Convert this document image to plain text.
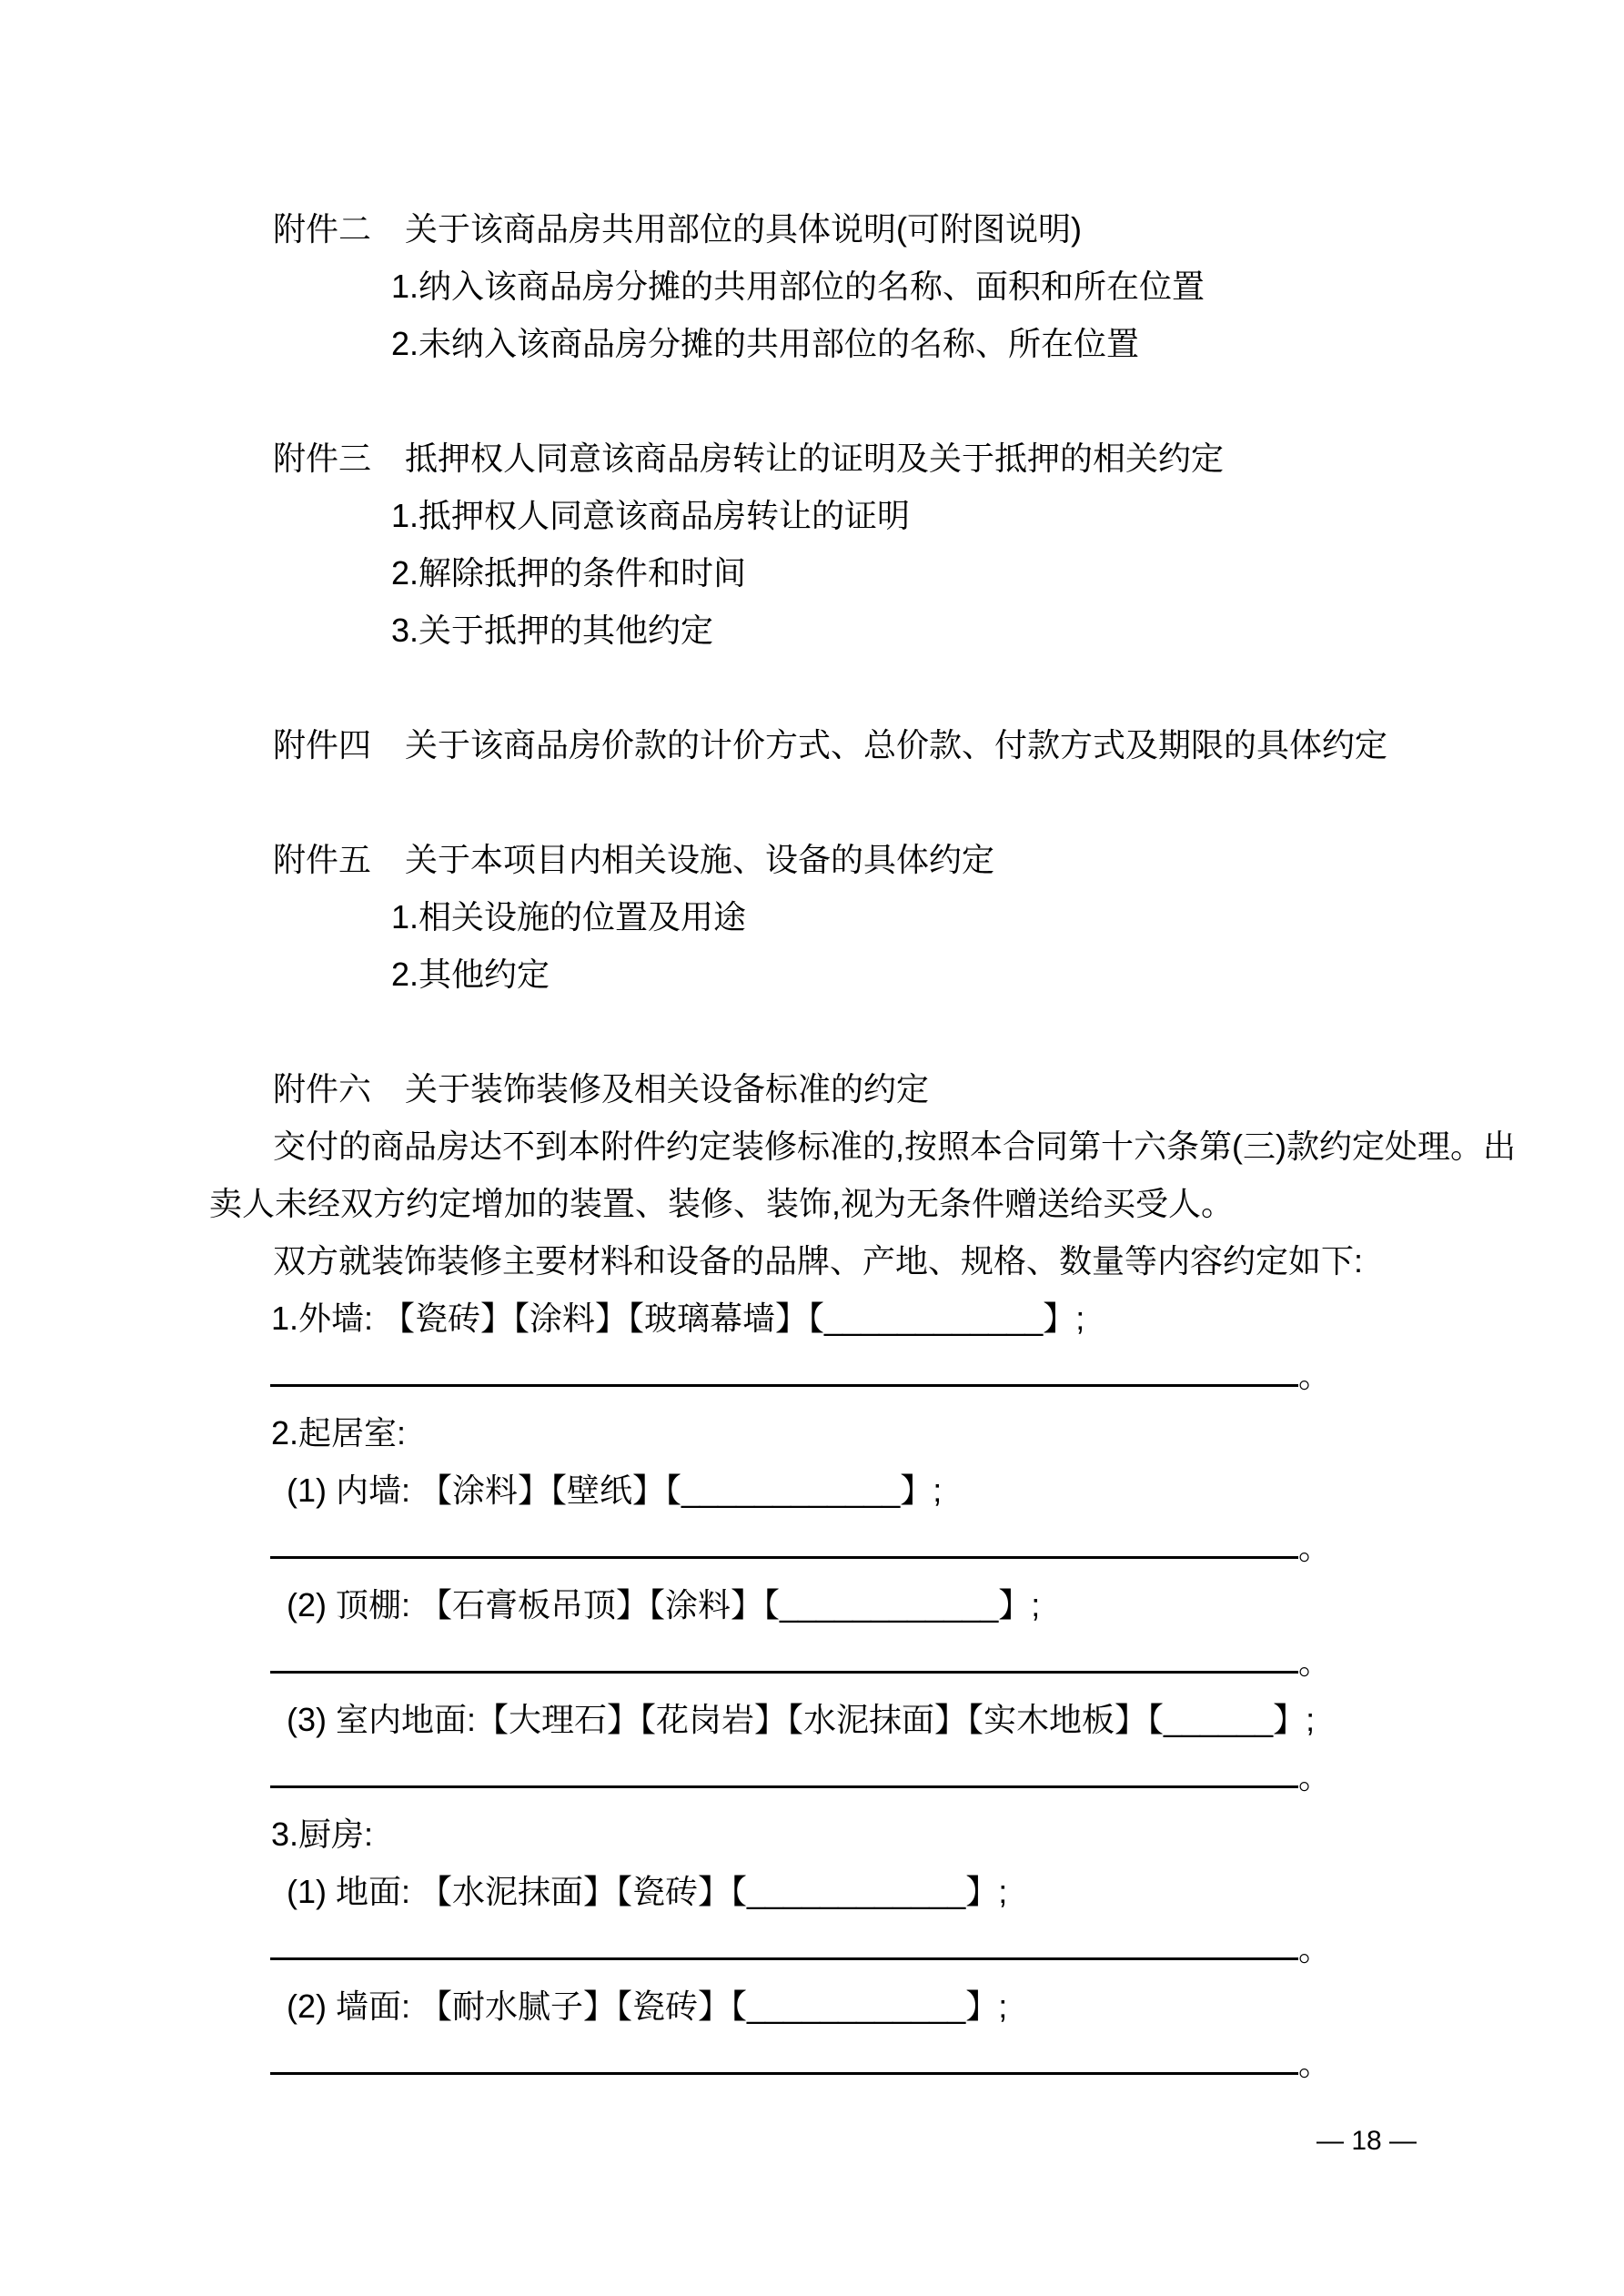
附件二 关于该商品房共用部位的具体说明(可附图说明)
1.纳入该商品房分摊的共用部位的名称、面积和所在位置
2.未纳入该商品房分摊的共用部位的名称、所在位置
附件三 抵押权人同意该商品房转让的证明及关于抵押的相关约定
1.抵押权人同意该商品房转让的证明
2.解除抵押的条件和时间
3.关于抵押的其他约定
附件四 关于该商品房价款的计价方式、总价款、付款方式及期限的具体约定
附件五 关于本项目内相关设施、设备的具体约定
1.相关设施的位置及用途
2.其他约定
附件六 关于装饰装修及相关设备标准的约定
交付的商品房达不到本附件约定装修标准的,按照本合同第十六条第(三)款约定处理。出
卖人未经双方约定增加的装置、装修、装饰,视为无条件赠送给买受人。
双方就装饰装修主要材料和设备的品牌、产地、规格、数量等内容约定如下:
1.外墙: 【瓷砖】【涂料】【玻璃幕墙】【____________】;
。
2.起居室:
(1) 内墙: 【涂料】【壁纸】【____________】;
。
(2) 顶棚: 【石膏板吊顶】【涂料】【____________】;
。
(3) 室内地面:【大理石】【花岗岩】【水泥抹面】【实木地板】【______】;
。
3.厨房:
(1) 地面: 【水泥抹面】【瓷砖】【____________】;
。
(2) 墙面: 【耐水腻子】【瓷砖】【____________】;
。
— 18 —
